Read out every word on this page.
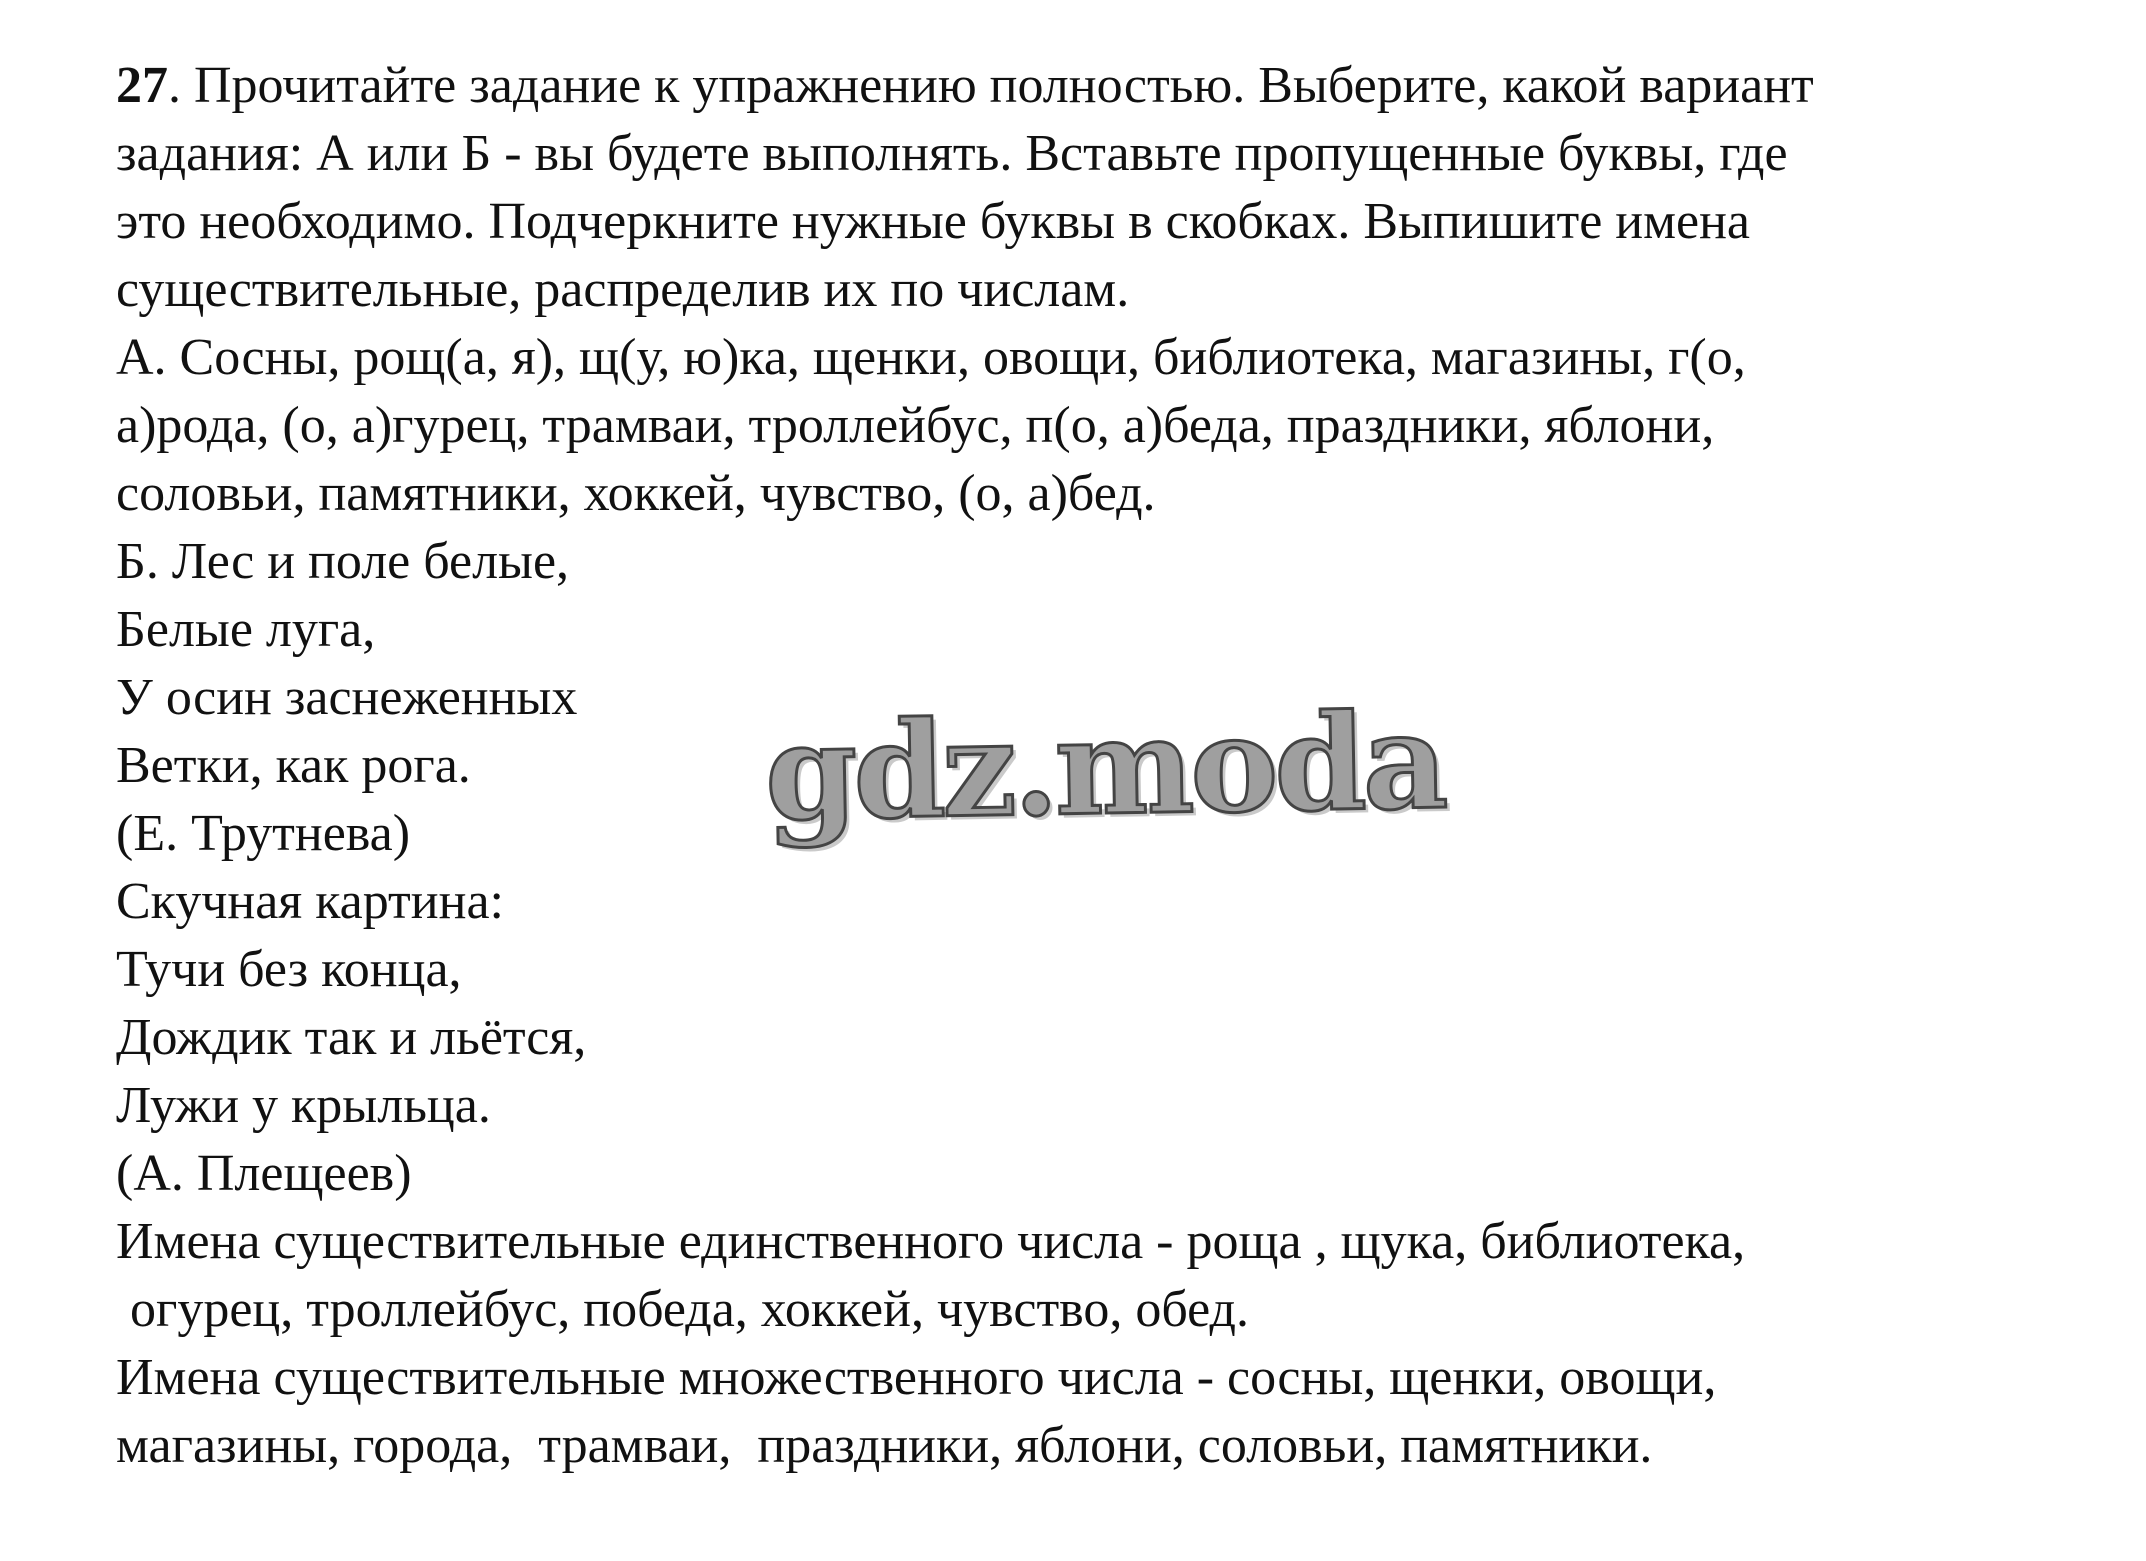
27. Прочитайте задание к упражнению полностью. Выберите, какой вариант
задания: А или Б - вы будете выполнять. Вставьте пропущенные буквы, где
это необходимо. Подчеркните нужные буквы в скобках. Выпишите имена
существительные, распределив их по числам.
А. Сосны, рощ(а, я), щ(у, ю)ка, щенки, овощи, библиотека, магазины, г(о,
а)рода, (о, а)гурец, трамваи, троллейбус, п(о, а)беда, праздники, яблони,
соловьи, памятники, хоккей, чувство, (о, а)бед.
Б. Лес и поле белые,
Белые луга,
У осин заснеженных
Ветки, как рога.
(Е. Трутнева)
Скучная картина:
Тучи без конца,
Дождик так и льётся,
Лужи у крыльца.
(А. Плещеев)
Имена существительные единственного числа - роща , щука, библиотека,
огурец, троллейбус, победа, хоккей, чувство, обед.
Имена существительные множественного числа - сосны, щенки, овощи,
магазины, города,  трамваи,  праздники, яблони, соловьи, памятники.
gdz.moda
